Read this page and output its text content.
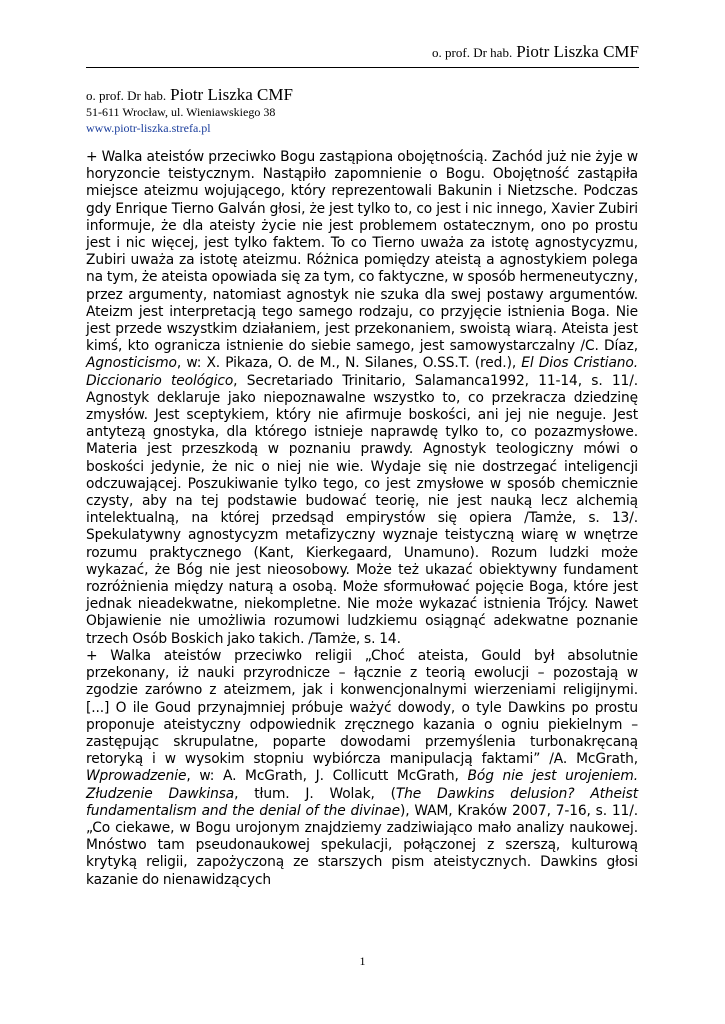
o. prof. Dr hab. Piotr Liszka CMF
o. prof. Dr hab. Piotr Liszka CMF
51-611 Wrocław, ul. Wieniawskiego 38
www.piotr-liszka.strefa.pl

+ Walka ateistów przeciwko Bogu zastąpiona obojętnością. Zachód już nie żyje w horyzoncie teistycznym. Nastąpiło zapomnienie o Bogu. Obojętność zastąpiła miejsce ateizmu wojującego, który reprezentowali Bakunin i Nietzsche. Podczas gdy Enrique Tierno Galván głosi, że jest tylko to, co jest i nic innego, Xavier Zubiri informuje, że dla ateisty życie nie jest problemem ostatecznym, ono po prostu jest i nic więcej, jest tylko faktem. To co Tierno uważa za istotę agnostycyzmu, Zubiri uważa za istotę ateizmu. Różnica pomiędzy ateistą a agnostykiem polega na tym, że ateista opowiada się za tym, co faktyczne, w sposób hermeneutyczny, przez argumenty, natomiast agnostyk nie szuka dla swej postawy argumentów. Ateizm jest interpretacją tego samego rodzaju, co przyjęcie istnienia Boga. Nie jest przede wszystkim działaniem, jest przekonaniem, swoistą wiarą. Ateista jest kimś, kto ogranicza istnienie do siebie samego, jest samowystarczalny /C. Díaz, Agnosticismo, w: X. Pikaza, O. de M., N. Silanes, O.SS.T. (red.), El Dios Cristiano. Diccionario teológico, Secretariado Trinitario, Salamanca1992, 11-14, s. 11/. Agnostyk deklaruje jako niepoznawalne wszystko to, co przekracza dziedzinę zmysłów. Jest sceptykiem, który nie afirmuje boskości, ani jej nie neguje. Jest antytezą gnostyka, dla którego istnieje naprawdę tylko to, co pozazmysłowe. Materia jest przeszkodą w poznaniu prawdy. Agnostyk teologiczny mówi o boskości jedynie, że nic o niej nie wie. Wydaje się nie dostrzegać inteligencji odczuwającej. Poszukiwanie tylko tego, co jest zmysłowe w sposób chemicznie czysty, aby na tej podstawie budować teorię, nie jest nauką lecz alchemią intelektualną, na której przedsąd empirystów się opiera /Tamże, s. 13/. Spekulatywny agnostycyzm metafizyczny wyznaje teistyczną wiarę w wnętrze rozumu praktycznego (Kant, Kierkegaard, Unamuno). Rozum ludzki może wykazać, że Bóg nie jest nieosobowy. Może też ukazać obiektywny fundament rozróżnienia między naturą a osobą. Może sformułować pojęcie Boga, które jest jednak nieadekwatne, niekompletne. Nie może wykazać istnienia Trójcy. Nawet Objawienie nie umożliwia rozumowi ludzkiemu osiągnąć adekwatne poznanie trzech Osób Boskich jako takich. /Tamże, s. 14.

+ Walka ateistów przeciwko religii „Choć ateista, Gould był absolutnie przekonany, iż nauki przyrodnicze – łącznie z teorią ewolucji – pozostają w zgodzie zarówno z ateizmem, jak i konwencjonalnymi wierzeniami religijnymi. [...] O ile Goud przynajmniej próbuje ważyć dowody, o tyle Dawkins po prostu proponuje ateistyczny odpowiednik zręcznego kazania o ogniu piekielnym – zastępując skrupulatne, poparte dowodami przemyślenia turbonakręcaną retoryką i w wysokim stopniu wybiórcza manipulacją faktami” /A. McGrath, Wprowadzenie, w: A. McGrath, J. Collicutt McGrath, Bóg nie jest urojeniem. Złudzenie Dawkinsa, tłum. J. Wolak, (The Dawkins delusion? Atheist fundamentalism and the denial of the divinae), WAM, Kraków 2007, 7-16, s. 11/. „Co ciekawe, w Bogu urojonym znajdziemy zadziwiająco mało analizy naukowej. Mnóstwo tam pseudonaukowej spekulacji, połączonej z szerszą, kulturową krytyką religii, zapożyczoną ze starszych pism ateistycznych. Dawkins głosi kazanie do nienawidzących

1
